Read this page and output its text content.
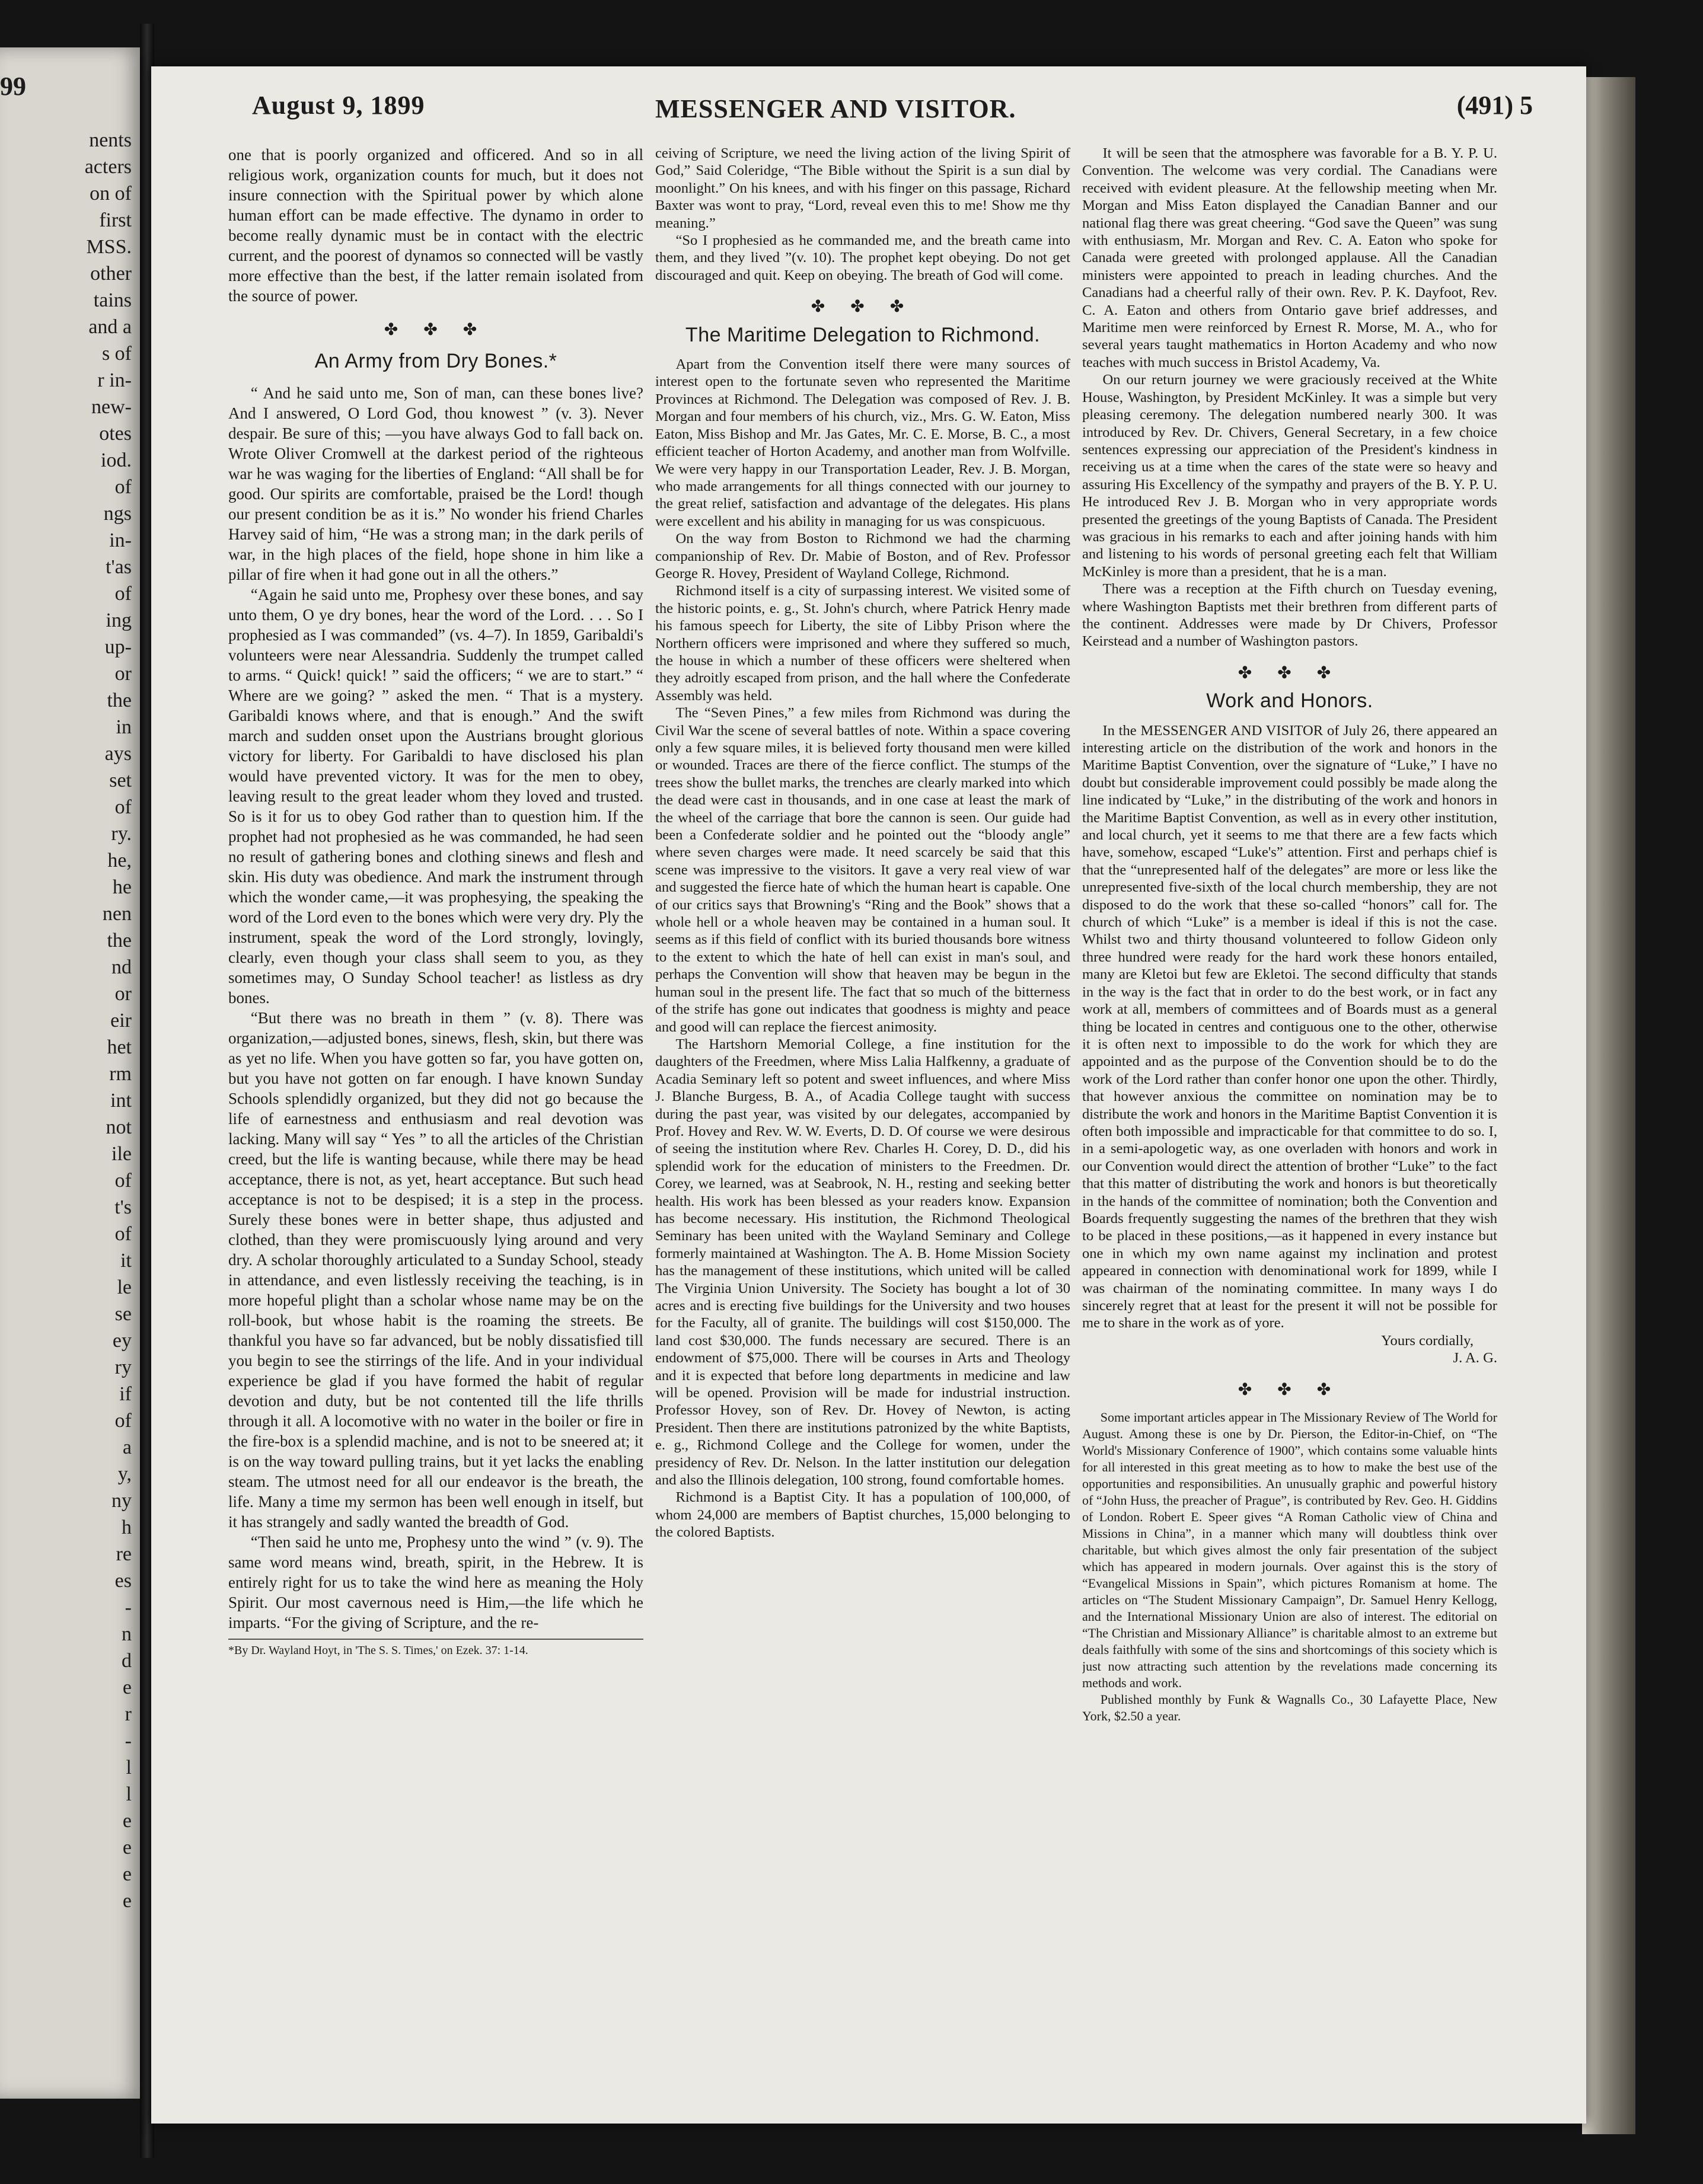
99
nents
acters
on of
first
MSS.
other
tains
and a
s of
r in-
new-
otes
iod.
of
ngs
in-
t'as
of
ing
up-
or
the
in
ays
set
of
ry.
he,
he
nen
the
nd
or
eir
het
rm
int
not
ile
of
t's
of
it
le
se
ey
ry
if
of
a
y,
ny
h
re
es
-
n
d
e
r
-
l
l
e
e
e
e
August 9, 1899	MESSENGER AND VISITOR.	(491) 5

one that is poorly organized and officered. And so in all religious work, organization counts for much, but it does not insure connection with the Spiritual power by which alone human effort can be made effective. The dynamo in order to become really dynamic must be in contact with the electric current, and the poorest of dynamos so connected will be vastly more effective than the best, if the latter remain isolated from the source of power.

✤ ✤ ✤
An Army from Dry Bones.*

“ And he said unto me, Son of man, can these bones live? And I answered, O Lord God, thou knowest ” (v. 3). Never despair. Be sure of this; —you have always God to fall back on. Wrote Oliver Cromwell at the darkest period of the righteous war he was waging for the liberties of England: “All shall be for good. Our spirits are comfortable, praised be the Lord! though our present condition be as it is.” No wonder his friend Charles Harvey said of him, “He was a strong man; in the dark perils of war, in the high places of the field, hope shone in him like a pillar of fire when it had gone out in all the others.”

“Again he said unto me, Prophesy over these bones, and say unto them, O ye dry bones, hear the word of the Lord. . . . So I prophesied as I was commanded” (vs. 4–7). In 1859, Garibaldi's volunteers were near Alessandria. Suddenly the trumpet called to arms. “ Quick! quick! ” said the officers; “ we are to start.” “ Where are we going? ” asked the men. “ That is a mystery. Garibaldi knows where, and that is enough.” And the swift march and sudden onset upon the Austrians brought glorious victory for liberty. For Garibaldi to have disclosed his plan would have prevented victory. It was for the men to obey, leaving result to the great leader whom they loved and trusted. So is it for us to obey God rather than to question him. If the prophet had not prophesied as he was commanded, he had seen no result of gathering bones and clothing sinews and flesh and skin. His duty was obedience. And mark the instrument through which the wonder came,—it was prophesying, the speaking the word of the Lord even to the bones which were very dry. Ply the instrument, speak the word of the Lord strongly, lovingly, clearly, even though your class shall seem to you, as they sometimes may, O Sunday School teacher! as listless as dry bones.

“But there was no breath in them ” (v. 8). There was organization,—adjusted bones, sinews, flesh, skin, but there was as yet no life. When you have gotten so far, you have gotten on, but you have not gotten on far enough. I have known Sunday Schools splendidly organized, but they did not go because the life of earnestness and enthusiasm and real devotion was lacking. Many will say “ Yes ” to all the articles of the Christian creed, but the life is wanting because, while there may be head acceptance, there is not, as yet, heart acceptance. But such head acceptance is not to be despised; it is a step in the process. Surely these bones were in better shape, thus adjusted and clothed, than they were promiscuously lying around and very dry. A scholar thoroughly articulated to a Sunday School, steady in attendance, and even listlessly receiving the teaching, is in more hopeful plight than a scholar whose name may be on the roll-book, but whose habit is the roaming the streets. Be thankful you have so far advanced, but be nobly dissatisfied till you begin to see the stirrings of the life. And in your individual experience be glad if you have formed the habit of regular devotion and duty, but be not contented till the life thrills through it all. A locomotive with no water in the boiler or fire in the fire-box is a splendid machine, and is not to be sneered at; it is on the way toward pulling trains, but it yet lacks the enabling steam. The utmost need for all our endeavor is the breath, the life. Many a time my sermon has been well enough in itself, but it has strangely and sadly wanted the breadth of God.

“Then said he unto me, Prophesy unto the wind ” (v. 9). The same word means wind, breath, spirit, in the Hebrew. It is entirely right for us to take the wind here as meaning the Holy Spirit. Our most cavernous need is Him,—the life which he imparts. “For the giving of Scripture, and the re-

*By Dr. Wayland Hoyt, in 'The S. S. Times,' on Ezek. 37: 1-14.

ceiving of Scripture, we need the living action of the living Spirit of God,” Said Coleridge, “The Bible without the Spirit is a sun dial by moonlight.” On his knees, and with his finger on this passage, Richard Baxter was wont to pray, “Lord, reveal even this to me! Show me thy meaning.”

“So I prophesied as he commanded me, and the breath came into them, and they lived ”(v. 10). The prophet kept obeying. Do not get discouraged and quit. Keep on obeying. The breath of God will come.

✤ ✤ ✤
The Maritime Delegation to Richmond.

Apart from the Convention itself there were many sources of interest open to the fortunate seven who represented the Maritime Provinces at Richmond. The Delegation was composed of Rev. J. B. Morgan and four members of his church, viz., Mrs. G. W. Eaton, Miss Eaton, Miss Bishop and Mr. Jas Gates, Mr. C. E. Morse, B. C., a most efficient teacher of Horton Academy, and another man from Wolfville. We were very happy in our Transportation Leader, Rev. J. B. Morgan, who made arrangements for all things connected with our journey to the great relief, satisfaction and advantage of the delegates. His plans were excellent and his ability in managing for us was conspicuous.

On the way from Boston to Richmond we had the charming companionship of Rev. Dr. Mabie of Boston, and of Rev. Professor George R. Hovey, President of Wayland College, Richmond.

Richmond itself is a city of surpassing interest. We visited some of the historic points, e. g., St. John's church, where Patrick Henry made his famous speech for Liberty, the site of Libby Prison where the Northern officers were imprisoned and where they suffered so much, the house in which a number of these officers were sheltered when they adroitly escaped from prison, and the hall where the Confederate Assembly was held.

The “Seven Pines,” a few miles from Richmond was during the Civil War the scene of several battles of note. Within a space covering only a few square miles, it is believed forty thousand men were killed or wounded. Traces are there of the fierce conflict. The stumps of the trees show the bullet marks, the trenches are clearly marked into which the dead were cast in thousands, and in one case at least the mark of the wheel of the carriage that bore the cannon is seen. Our guide had been a Confederate soldier and he pointed out the “bloody angle” where seven charges were made. It need scarcely be said that this scene was impressive to the visitors. It gave a very real view of war and suggested the fierce hate of which the human heart is capable. One of our critics says that Browning's “Ring and the Book” shows that a whole hell or a whole heaven may be contained in a human soul. It seems as if this field of conflict with its buried thousands bore witness to the extent to which the hate of hell can exist in man's soul, and perhaps the Convention will show that heaven may be begun in the human soul in the present life. The fact that so much of the bitterness of the strife has gone out indicates that goodness is mighty and peace and good will can replace the fiercest animosity.

The Hartshorn Memorial College, a fine institution for the daughters of the Freedmen, where Miss Lalia Halfkenny, a graduate of Acadia Seminary left so potent and sweet influences, and where Miss J. Blanche Burgess, B. A., of Acadia College taught with success during the past year, was visited by our delegates, accompanied by Prof. Hovey and Rev. W. W. Everts, D. D. Of course we were desirous of seeing the institution where Rev. Charles H. Corey, D. D., did his splendid work for the education of ministers to the Freedmen. Dr. Corey, we learned, was at Seabrook, N. H., resting and seeking better health. His work has been blessed as your readers know. Expansion has become necessary. His institution, the Richmond Theological Seminary has been united with the Wayland Seminary and College formerly maintained at Washington. The A. B. Home Mission Society has the management of these institutions, which united will be called The Virginia Union University. The Society has bought a lot of 30 acres and is erecting five buildings for the University and two houses for the Faculty, all of granite. The buildings will cost $150,000. The land cost $30,000. The funds necessary are secured. There is an endowment of $75,000. There will be courses in Arts and Theology and it is expected that before long departments in medicine and law will be opened. Provision will be made for industrial instruction. Professor Hovey, son of Rev. Dr. Hovey of Newton, is acting President. Then there are institutions patronized by the white Baptists, e. g., Richmond College and the College for women, under the presidency of Rev. Dr. Nelson. In the latter institution our delegation and also the Illinois delegation, 100 strong, found comfortable homes.

Richmond is a Baptist City. It has a population of 100,000, of whom 24,000 are members of Baptist churches, 15,000 belonging to the colored Baptists.

It will be seen that the atmosphere was favorable for a B. Y. P. U. Convention. The welcome was very cordial. The Canadians were received with evident pleasure. At the fellowship meeting when Mr. Morgan and Miss Eaton displayed the Canadian Banner and our national flag there was great cheering. “God save the Queen” was sung with enthusiasm, Mr. Morgan and Rev. C. A. Eaton who spoke for Canada were greeted with prolonged applause. All the Canadian ministers were appointed to preach in leading churches. And the Canadians had a cheerful rally of their own. Rev. P. K. Dayfoot, Rev. C. A. Eaton and others from Ontario gave brief addresses, and Maritime men were reinforced by Ernest R. Morse, M. A., who for several years taught mathematics in Horton Academy and who now teaches with much success in Bristol Academy, Va.

On our return journey we were graciously received at the White House, Washington, by President McKinley. It was a simple but very pleasing ceremony. The delegation numbered nearly 300. It was introduced by Rev. Dr. Chivers, General Secretary, in a few choice sentences expressing our appreciation of the President's kindness in receiving us at a time when the cares of the state were so heavy and assuring His Excellency of the sympathy and prayers of the B. Y. P. U. He introduced Rev J. B. Morgan who in very appropriate words presented the greetings of the young Baptists of Canada. The President was gracious in his remarks to each and after joining hands with him and listening to his words of personal greeting each felt that William McKinley is more than a president, that he is a man.

There was a reception at the Fifth church on Tuesday evening, where Washington Baptists met their brethren from different parts of the continent. Addresses were made by Dr Chivers, Professor Keirstead and a number of Washington pastors.

✤ ✤ ✤
Work and Honors.

In the MESSENGER AND VISITOR of July 26, there appeared an interesting article on the distribution of the work and honors in the Maritime Baptist Convention, over the signature of “Luke,” I have no doubt but considerable improvement could possibly be made along the line indicated by “Luke,” in the distributing of the work and honors in the Maritime Baptist Convention, as well as in every other institution, and local church, yet it seems to me that there are a few facts which have, somehow, escaped “Luke's” attention. First and perhaps chief is that the “unrepresented half of the delegates” are more or less like the unrepresented five-sixth of the local church membership, they are not disposed to do the work that these so-called “honors” call for. The church of which “Luke” is a member is ideal if this is not the case. Whilst two and thirty thousand volunteered to follow Gideon only three hundred were ready for the hard work these honors entailed, many are Kletoi but few are Ekletoi. The second difficulty that stands in the way is the fact that in order to do the best work, or in fact any work at all, members of committees and of Boards must as a general thing be located in centres and contiguous one to the other, otherwise it is often next to impossible to do the work for which they are appointed and as the purpose of the Convention should be to do the work of the Lord rather than confer honor one upon the other. Thirdly, that however anxious the committee on nomination may be to distribute the work and honors in the Maritime Baptist Convention it is often both impossible and impracticable for that committee to do so. I, in a semi-apologetic way, as one overladen with honors and work in our Convention would direct the attention of brother “Luke” to the fact that this matter of distributing the work and honors is but theoretically in the hands of the committee of nomination; both the Convention and Boards frequently suggesting the names of the brethren that they wish to be placed in these positions,—as it happened in every instance but one in which my own name against my inclination and protest appeared in connection with denominational work for 1899, while I was chairman of the nominating committee. In many ways I do sincerely regret that at least for the present it will not be possible for me to share in the work as of yore.

Yours cordially,
J. A. G.
✤ ✤ ✤

Some important articles appear in The Missionary Review of The World for August. Among these is one by Dr. Pierson, the Editor-in-Chief, on “The World's Missionary Conference of 1900”, which contains some valuable hints for all interested in this great meeting as to how to make the best use of the opportunities and responsibilities. An unusually graphic and powerful history of “John Huss, the preacher of Prague”, is contributed by Rev. Geo. H. Giddins of London. Robert E. Speer gives “A Roman Catholic view of China and Missions in China”, in a manner which many will doubtless think over charitable, but which gives almost the only fair presentation of the subject which has appeared in modern journals. Over against this is the story of “Evangelical Missions in Spain”, which pictures Romanism at home. The articles on “The Student Missionary Campaign”, Dr. Samuel Henry Kellogg, and the International Missionary Union are also of interest. The editorial on “The Christian and Missionary Alliance” is charitable almost to an extreme but deals faithfully with some of the sins and shortcomings of this society which is just now attracting such attention by the revelations made concerning its methods and work.

Published monthly by Funk & Wagnalls Co., 30 Lafayette Place, New York, $2.50 a year.
